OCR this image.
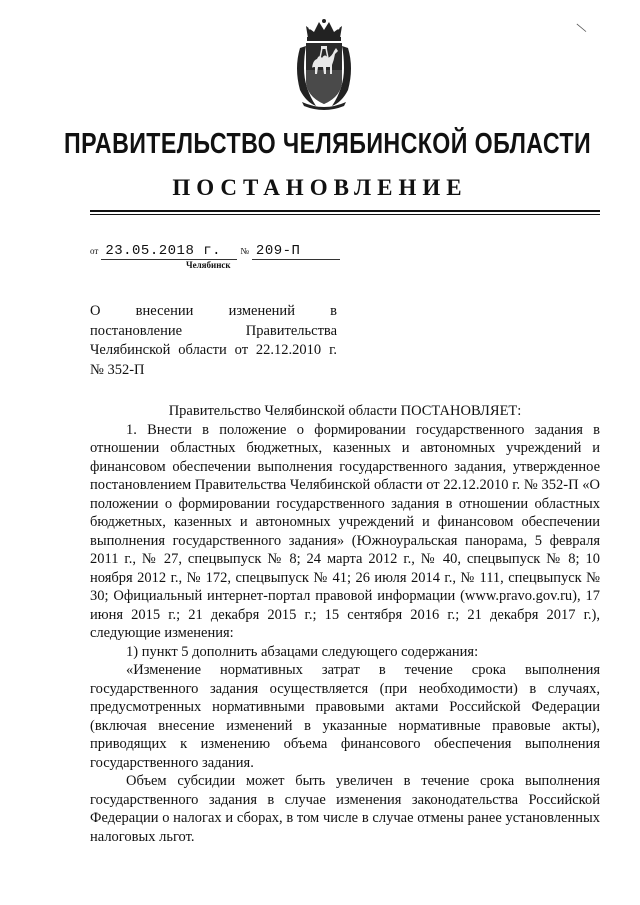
—
ПРАВИТЕЛЬСТВО ЧЕЛЯБИНСКОЙ ОБЛАСТИ
ПОСТАНОВЛЕНИЕ
от 23.05.2018 г. № 209-П
Челябинск

О внесении изменений в

постановление Правительства

Челябинской области от 22.12.2010 г.

№ 352-П

Правительство Челябинской области ПОСТАНОВЛЯЕТ:

1. Внести в положение о формировании государственного задания в отношении областных бюджетных, казенных и автономных учреждений и финансовом обеспечении выполнения государственного задания, утвержденное постановлением Правительства Челябинской области от 22.12.2010 г. № 352-П «О положении о формировании государственного задания в отношении областных бюджетных, казенных и автономных учреждений и финансовом обеспечении выполнения государственного задания» (Южноуральская панорама, 5 февраля 2011 г., № 27, спецвыпуск № 8; 24 марта 2012 г., № 40, спецвыпуск № 8; 10 ноября 2012 г., № 172, спецвыпуск № 41; 26 июля 2014 г., № 111, спецвыпуск № 30; Официальный интернет-портал правовой информации (www.pravo.gov.ru), 17 июня 2015 г.; 21 декабря 2015 г.; 15 сентября 2016 г.; 21 декабря 2017 г.), следующие изменения:

1) пункт 5 дополнить абзацами следующего содержания:

«Изменение нормативных затрат в течение срока выполнения государственного задания осуществляется (при необходимости) в случаях, предусмотренных нормативными правовыми актами Российской Федерации (включая внесение изменений в указанные нормативные правовые акты), приводящих к изменению объема финансового обеспечения выполнения государственного задания.

Объем субсидии может быть увеличен в течение срока выполнения государственного задания в случае изменения законодательства Российской Федерации о налогах и сборах, в том числе в случае отмены ранее установленных налоговых льгот.
